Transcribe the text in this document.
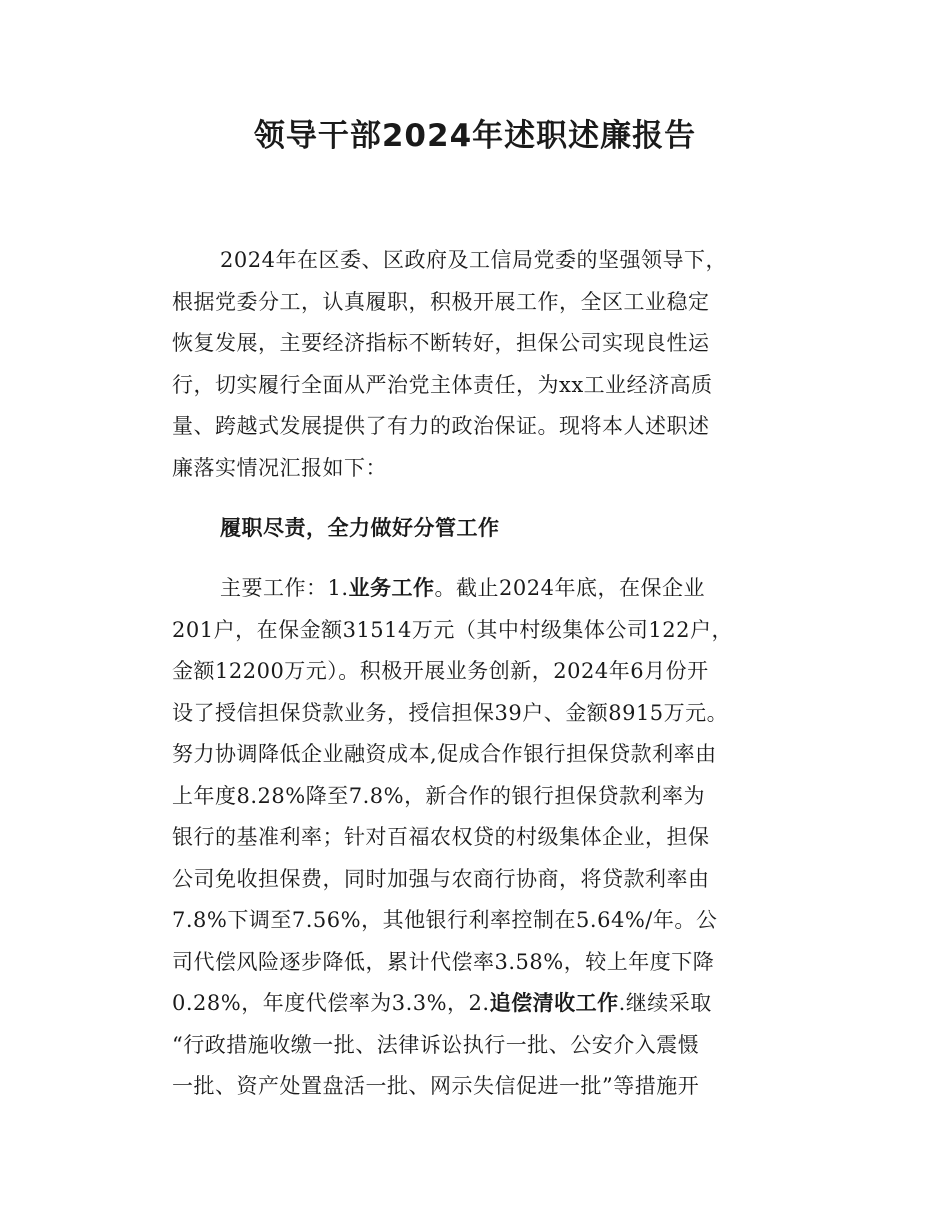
领导干部2024年述职述廉报告
2024年在区委、区政府及工信局党委的坚强领导下，
根据党委分工，认真履职，积极开展工作，全区工业稳定
恢复发展，主要经济指标不断转好，担保公司实现良性运
行，切实履行全面从严治党主体责任，为xx工业经济高质
量、跨越式发展提供了有力的政治保证。现将本人述职述
廉落实情况汇报如下：
履职尽责，全力做好分管工作
主要工作：1.业务工作。截止2024年底，在保企业
201户，在保金额31514万元（其中村级集体公司122户，
金额12200万元）。积极开展业务创新，2024年6月份开
设了授信担保贷款业务，授信担保39户、金额8915万元。
努力协调降低企业融资成本,促成合作银行担保贷款利率由
上年度8.28%降至7.8%，新合作的银行担保贷款利率为
银行的基准利率；针对百福农权贷的村级集体企业，担保
公司免收担保费，同时加强与农商行协商，将贷款利率由
7.8%下调至7.56%，其他银行利率控制在5.64%/年。公
司代偿风险逐步降低，累计代偿率3.58%，较上年度下降
0.28%，年度代偿率为3.3%，2.追偿清收工作.继续采取
“行政措施收缴一批、法律诉讼执行一批、公安介入震慑
一批、资产处置盘活一批、网示失信促进一批”等措施开
